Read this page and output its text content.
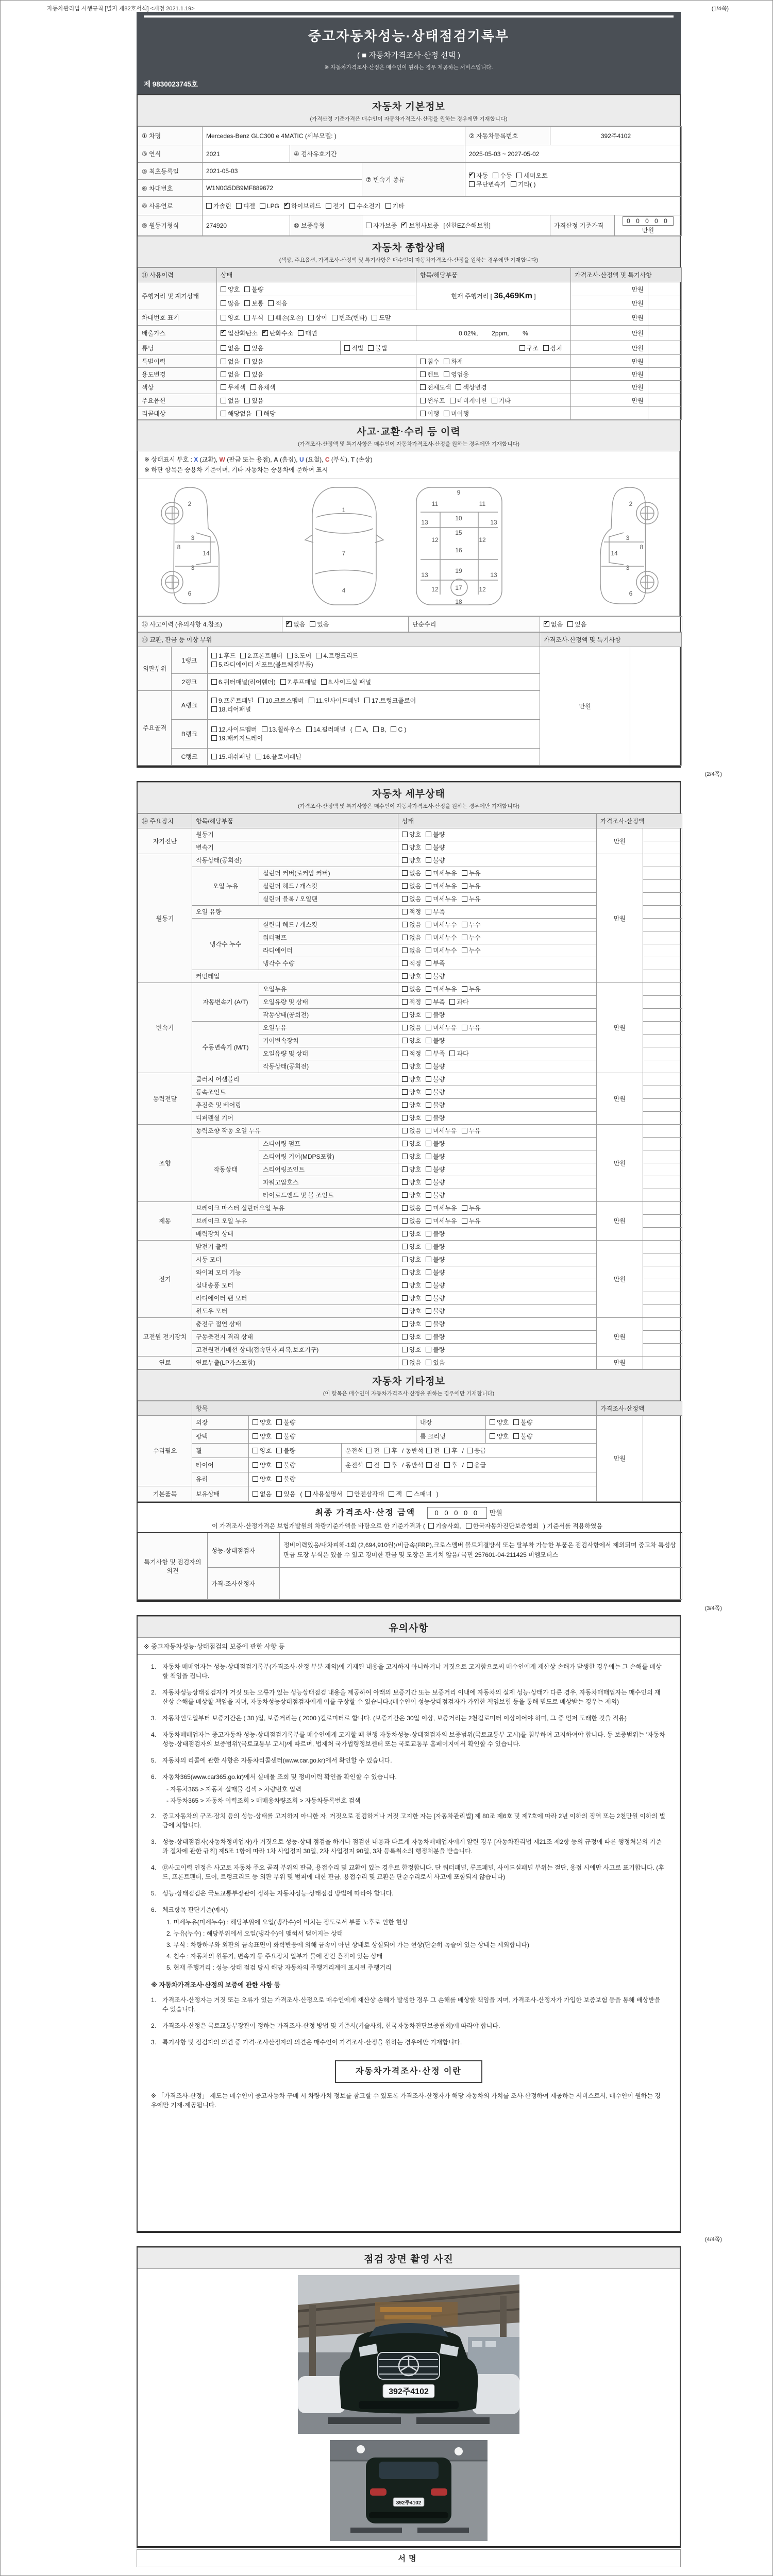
자동차관리법 시행규칙 [별지 제82호서식] <개정 2021.1.19>	(1/4쪽)
중고자동차성능·상태점검기록부
( ■ 자동차가격조사·산정 선택 )
※ 자동차가격조사·산정은 매수인이 원하는 경우 제공하는 서비스입니다.
제 9830023745호
자동차 기본정보
(가격산정 기준가격은 매수인이 자동차가격조사·산정을 원하는 경우에만 기재합니다)
① 차명	Mercedes-Benz GLC300 e 4MATIC (세부모델: )			② 자동차등록번호	392주4102	
③ 연식	2021	④ 검사유효기간		2025-05-03 ~ 2027-05-02		
⑤ 최초등록일	2021-05-03		⑦ 변속기 종류	✔자동 수동 세미오토
무단변속기 기타( )
⑥ 차대번호	W1N0G5DB9MF889672					
⑧ 사용연료	가솔린 디젤 LPG ✔ 하이브리드 전기 수소전기 기타
⑨ 원동기형식	274920	⑩ 보증유형	자가보증 ✔ 보험사보증 [신한EZ손해보험]		가격산정 기준가격	0 0 0 0 0 만원
자동차 종합상태
(색상, 주요옵션, 가격조사·산정액 및 특기사항은 매수인이 자동차가격조사·산정을 원하는 경우에만 기재합니다)
⑪ 사용이력	상태		항목/해당부품	가격조사·산정액 및 특기사항	
주행거리 및 계기상태	양호 불량		현재 주행거리 [ 36,469Km ]	만원	
	많음 보통 적음			만원	
차대번호 표기	양호 부식 훼손(오손) 상이 변조(변타) 도말			만원	
배출가스	✔일산화탄소 ✔ 탄화수소 매연		0.02%,        2ppm,        %	만원	
튜닝	없음 있음	적법 불법 구조 장치		만원	
특별이력	없음 있음		침수 화재	만원	
용도변경	없음 있음		렌트 영업용	만원	
색상	무채색 유채색		전체도색 색상변경	만원	
주요옵션	없음 있음		썬루프 네비게이션 기타	만원	
리콜대상	해당없음 해당		이행 미이행		
사고·교환·수리 등 이력
(가격조사·산정액 및 특기사항은 매수인이 자동차가격조사·산정을 원하는 경우에만 기재합니다)
※ 상태표시 부호 : X (교환), W (판금 또는 용접), A (흠집), U (요철), C (부식), T (손상)
※ 하단 항목은 승용차 기준이며, 기타 자동차는 승용차에 준하여 표시
2
8
3
14
3
6
1
7
4
9
11	11
13	13
10
15
12	12
16
19
13	13
12	12
17
18
2
8
3
14
3
6
⑫ 사고이력 (유의사항 4.참조)	✔없음 있음	단순수리	✔없음 있음
⑬ 교환, 판금 등 이상 부위			가격조사·산정액 및 특기사항	
외판부위	1랭크	1.후드 2.프론트휀더 3.도어 4.트렁크리드
5.라디에이터 서포트(볼트체결부품)	만원	
	2랭크	6.쿼터패널(리어휀더) 7.루프패널 8.사이드실 패널		
주요골격	A랭크	9.프론트패널 10.크로스멤버 11.인사이드패널 17.트렁크플로어
18.리어패널		
	B랭크	12.사이드멤버 13.휠하우스 14.필러패널 ( A, B, C )
19.패키지트레이		
	C랭크	15.대쉬패널 16.플로어패널		
(2/4쪽)
자동차 세부상태
(가격조사·산정액 및 특기사항은 매수인이 자동차가격조사·산정을 원하는 경우에만 기재합니다)
⑭ 주요장치	항목/해당부품		상태	가격조사·산정액	
자기진단	원동기		양호 불량	만원	
	변속기		양호 불량		
원동기	작동상태(공회전)		양호 불량	만원	
	오일 누유	실린더 커버(로커암 커버)	없음 미세누유 누유		
		실린더 헤드 / 개스킷	없음 미세누유 누유		
		실린더 블록 / 오일팬	없음 미세누유 누유		
	오일 유량		적정 부족		
	냉각수 누수	실린더 헤드 / 개스킷	없음 미세누수 누수		
		워터펌프	없음 미세누수 누수		
		라디에이터	없음 미세누수 누수		
		냉각수 수량	적정 부족		
	커먼레일		양호 불량		
변속기	자동변속기 (A/T)	오일누유	없음 미세누유 누유	만원	
		오일유량 및 상태	적정 부족 과다		
		작동상태(공회전)	양호 불량		
	수동변속기 (M/T)	오일누유	없음 미세누유 누유		
		기어변속장치	양호 불량		
		오일유량 및 상태	적정 부족 과다		
		작동상태(공회전)	양호 불량		
동력전달	클러치 어셈블리		양호 불량	만원	
	등속조인트		양호 불량		
	추진축 및 베어링		양호 불량		
	디퍼렌셜 기어		양호 불량		
조향	동력조향 작동 오일 누유		없음 미세누유 누유	만원	
	작동상태	스티어링 펌프	양호 불량		
		스티어링 기어(MDPS포함)	양호 불량		
		스티어링조인트	양호 불량		
		파워고압호스	양호 불량		
		타이로드엔드 및 볼 조인트	양호 불량		
제동	브레이크 마스터 실린더오일 누유		없음 미세누유 누유	만원	
	브레이크 오일 누유		없음 미세누유 누유		
	배력장치 상태		양호 불량		
전기	발전기 출력		양호 불량	만원	
	시동 모터		양호 불량		
	와이퍼 모터 기능		양호 불량		
	실내송풍 모터		양호 불량		
	라디에이터 팬 모터		양호 불량		
	윈도우 모터		양호 불량		
고전원 전기장치	충전구 절연 상태		양호 불량	만원	
	구동축전지 격리 상태		양호 불량		
	고전원전기배선 상태(접속단자,피복,보호기구)		양호 불량		
연료	연료누출(LP가스포함)		없음 있음	만원	
자동차 기타정보
(이 항목은 매수인이 자동차가격조사·산정을 원하는 경우에만 기재합니다)
	항목					가격조사·산정액	
수리필요	외장	양호 불량		내장	양호 불량	만원	
	광택	양호 불량		룸 크리닝	양호 불량		
	휠	양호 불량	운전석 전 후 / 동반석 전 후 / 응급				
	타이어	양호 불량	운전석 전 후 / 동반석 전 후 / 응급				
	유리	양호 불량					
기본품목	보유상태	없음 있음 ( 사용설명서 안전삼각대 잭 스패너 )					
최종 가격조사·산정 금액	0 0 0 0 0 만원
이 가격조사·산정가격은 보험개발원의 차량기준가액을 바탕으로 한 기준가격과 ( 기술사회, 한국자동차진단보증협회 ) 기준서를 적용하였음
특기사항 및 점검자의 의견	성능·상태점검자	정비이력있음/내차피해-1회 (2,694,910원)/비금속(FRP),크로스멤버 볼트체결방식 또는 탈부착 가능한 부품은 점검사항에서 제외되며 중고차 특성상 판금 도장 부식은 있을 수 있고 경미한 판금 및 도장은 표기치 않음/ 국민 257601-04-211425 비엠모터스
	가격·조사산정자	
(3/4쪽)
유의사항
※ 중고자동차성능·상태점검의 보증에 관한 사항 등
1. 자동차 매매업자는 성능·상태점검기록부(가격조사·산정 부분 제외)에 기재된 내용을 고지하지 아니하거나 거짓으로 고지함으로써 매수인에게 재산상 손해가 발생한 경우에는 그 손해를 배상할 책임을 집니다.
2. 자동차성능상태점검자가 거짓 또는 오류가 있는 성능상태점검 내용을 제공하여 아래의 보증기간 또는 보증거리 이내에 자동차의 실제 성능·상태가 다른 경우, 자동차매매업자는 매수인의 재산상 손해를 배상할 책임을 지며, 자동차성능상태점검자에게 이를 구상할 수 있습니다.(매수인이 성능상태점검자가 가입한 책임보험 등을 통해 별도로 배상받는 경우는 제외)
3. 자동차인도일부터 보증기간은 ( 30 )일, 보증거리는 ( 2000 )킬로미터로 합니다. (보증기간은 30일 이상, 보증거리는 2천킬로미터 이상이어야 하며, 그 중 먼저 도래한 것을 적용)
4. 자동차매매업자는 중고자동차 성능·상태점검기록부를 매수인에게 고지할 때 현행 자동차성능·상태점검자의 보증범위(국토교통부 고시)를 첨부하여 고지하여야 합니다. 동 보증범위는 '자동차성능·상태점검자의 보증범위'(국토교통부 고시)에 따르며, 법제처 국가법령정보센터 또는 국토교통부 홈페이지에서 확인할 수 있습니다.
5. 자동차의 리콜에 관한 사항은 자동차리콜센터(www.car.go.kr)에서 확인할 수 있습니다.
6. 자동차365(www.car365.go.kr)에서 실매물 조회 및 정비이력 확인을 확인할 수 있습니다.
- 자동차365 > 자동차 실매물 검색 > 차량번호 입력
- 자동차365 > 자동차 이력조회 > 매매용차량조회 > 자동차등록번호 검색
2. 중고자동차의 구조·장치 등의 성능·상태를 고지하지 아니한 자, 거짓으로 점검하거나 거짓 고지한 자는 [자동차관리법] 제 80조 제6호 및 제7호에 따라 2년 이하의 징역 또는 2천만원 이하의 벌금에 처합니다.
3. 성능·상태점검자(자동차정비업자)가 거짓으로 성능·상태 점검을 하거나 점검한 내용과 다르게 자동차매매업자에게 알린 경우 [자동차관리법 제21조 제2항 등의 규정에 따른 행정처분의 기준과 절차에 관한 규칙] 제5조 1항에 따라 1차 사업정지 30일, 2차 사업정지 90일, 3차 등록취소의 행정처분을 받습니다.
4. ⑫사고이력 인정은 사고로 자동차 주요 골격 부위의 판금, 용접수리 및 교환이 있는 경우로 한정합니다. 단 쿼터패널, 루프패널, 사이드실패널 부위는 절단, 용접 시에만 사고로 표기합니다. (후드, 프론트펜더, 도어, 트렁크리드 등 외판 부위 및 범퍼에 대한 판금, 용접수리 및 교환은 단순수리로서 사고에 포함되지 않습니다)
5. 성능·상태점검은 국토교통부장관이 정하는 자동차성능·상태점검 방법에 따라야 합니다.
6. 체크항목 판단기준(예시)
1. 미세누유(미세누수) : 해당부위에 오일(냉각수)이 비치는 정도로서 부품 노후로 인한 현상
2. 누유(누수) : 해당부위에서 오일(냉각수)이 맺혀서 떨어지는 상태
3. 부식 : 차량하부와 외판의 금속표면이 화학반응에 의해 금속이 아닌 상태로 상실되어 가는 현상(단순히 녹슬어 있는 상태는 제외합니다)
4. 침수 : 자동차의 원동기, 변속기 등 주요장치 일부가 물에 잠긴 흔적이 있는 상태
5. 현재 주행거리 : 성능·상태 점검 당시 해당 자동차의 주행거리계에 표시된 주행거리
※ 자동차가격조사·산정의 보증에 관한 사항 등
1. 가격조사·산정자는 거짓 또는 오류가 있는 가격조사·산정으로 매수인에게 재산상 손해가 발생한 경우 그 손해를 배상할 책임을 지며, 가격조사·산정자가 가입한 보증보험 등을 통해 배상받을 수 있습니다.
2. 가격조사·산정은 국토교통부장관이 정하는 가격조사·산정 방법 및 기준서(기술사회, 한국자동차진단보증협회)에 따라야 합니다.
3. 특기사항 및 점검자의 의견 중 가격·조사산정자의 의견은 매수인이 가격조사·산정을 원하는 경우에만 기재합니다.
자동차가격조사·산정 이란
※ 「가격조사·산정」 제도는 매수인이 중고자동차 구매 시 차량가치 정보를 참고할 수 있도록 가격조사·산정자가 해당 자동차의 가치를 조사·산정하여 제공하는 서비스로서, 매수인이 원하는 경우에만 기재·제공됩니다.
(4/4쪽)
점검 장면 촬영 사진
392주4102
392주4102
서명
